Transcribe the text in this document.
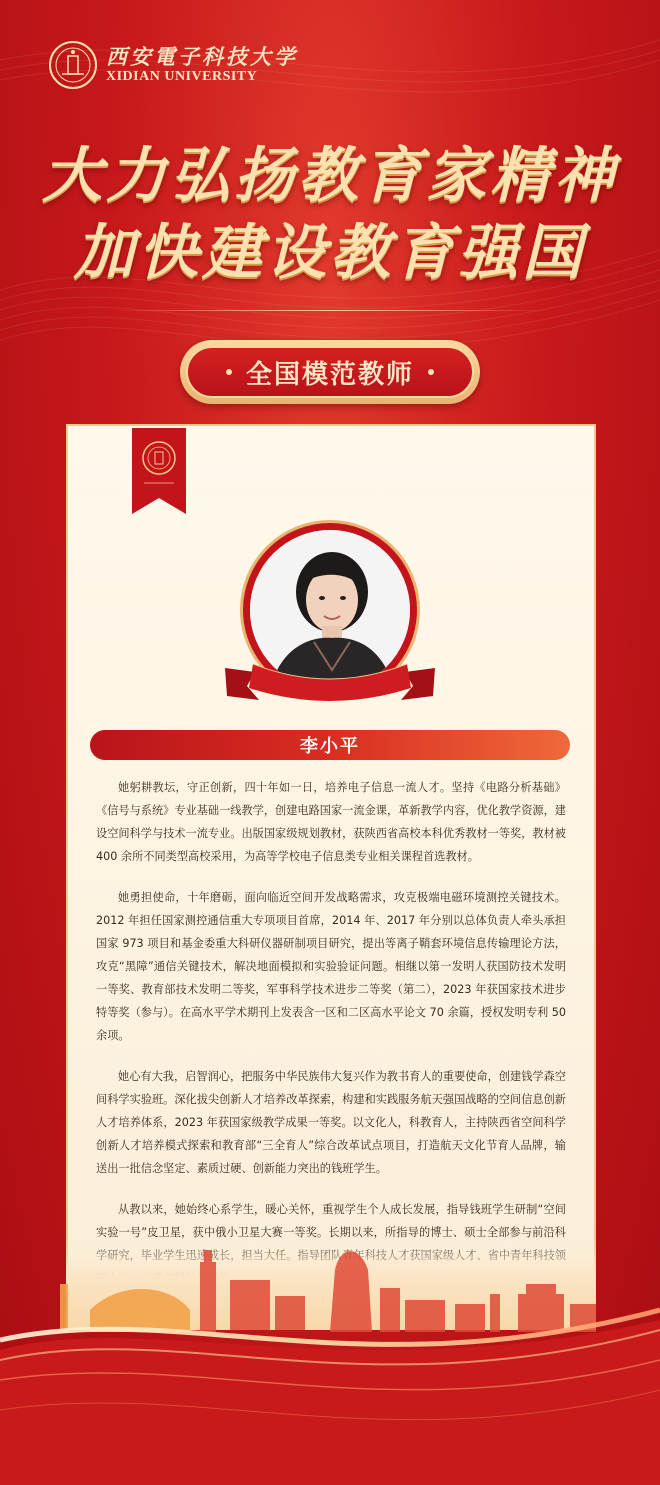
西安電子科技大学
XIDIAN UNIVERSITY
大力弘扬教育家精神
加快建设教育强国
全国模范教师
李小平

她躬耕教坛，守正创新，四十年如一日，培养电子信息一流人才。坚持《电路分析基础》《信号与系统》专业基础一线教学，创建电路国家一流金课，革新教学内容，优化教学资源，建设空间科学与技术一流专业。出版国家级规划教材，获陕西省高校本科优秀教材一等奖，教材被 400 余所不同类型高校采用，为高等学校电子信息类专业相关课程首选教材。

她勇担使命，十年磨砺，面向临近空间开发战略需求，攻克极端电磁环境测控关键技术。2012 年担任国家测控通信重大专项项目首席，2014 年、2017 年分别以总体负责人牵头承担国家 973 项目和基金委重大科研仪器研制项目研究，提出等离子鞘套环境信息传输理论方法，攻克“黑障”通信关键技术，解决地面模拟和实验验证问题。相继以第一发明人获国防技术发明一等奖、教育部技术发明二等奖，军事科学技术进步二等奖（第二），2023 年获国家技术进步特等奖（参与）。在高水平学术期刊上发表含一区和二区高水平论文 70 余篇，授权发明专利 50 余项。

她心有大我，启智润心，把服务中华民族伟大复兴作为教书育人的重要使命，创建钱学森空间科学实验班。深化拔尖创新人才培养改革探索，构建和实践服务航天强国战略的空间信息创新人才培养体系，2023 年获国家级教学成果一等奖。以文化人，科教育人，主持陕西省空间科学创新人才培养模式探索和教育部“三全育人”综合改革试点项目，打造航天文化节育人品牌，输送出一批信念坚定、素质过硬、创新能力突出的钱班学生。

从教以来，她始终心系学生，暖心关怀，重视学生个人成长发展，指导钱班学生研制“空间实验一号”皮卫星，获中俄小卫星大赛一等奖。长期以来，所指导的博士、硕士全部参与前沿科
